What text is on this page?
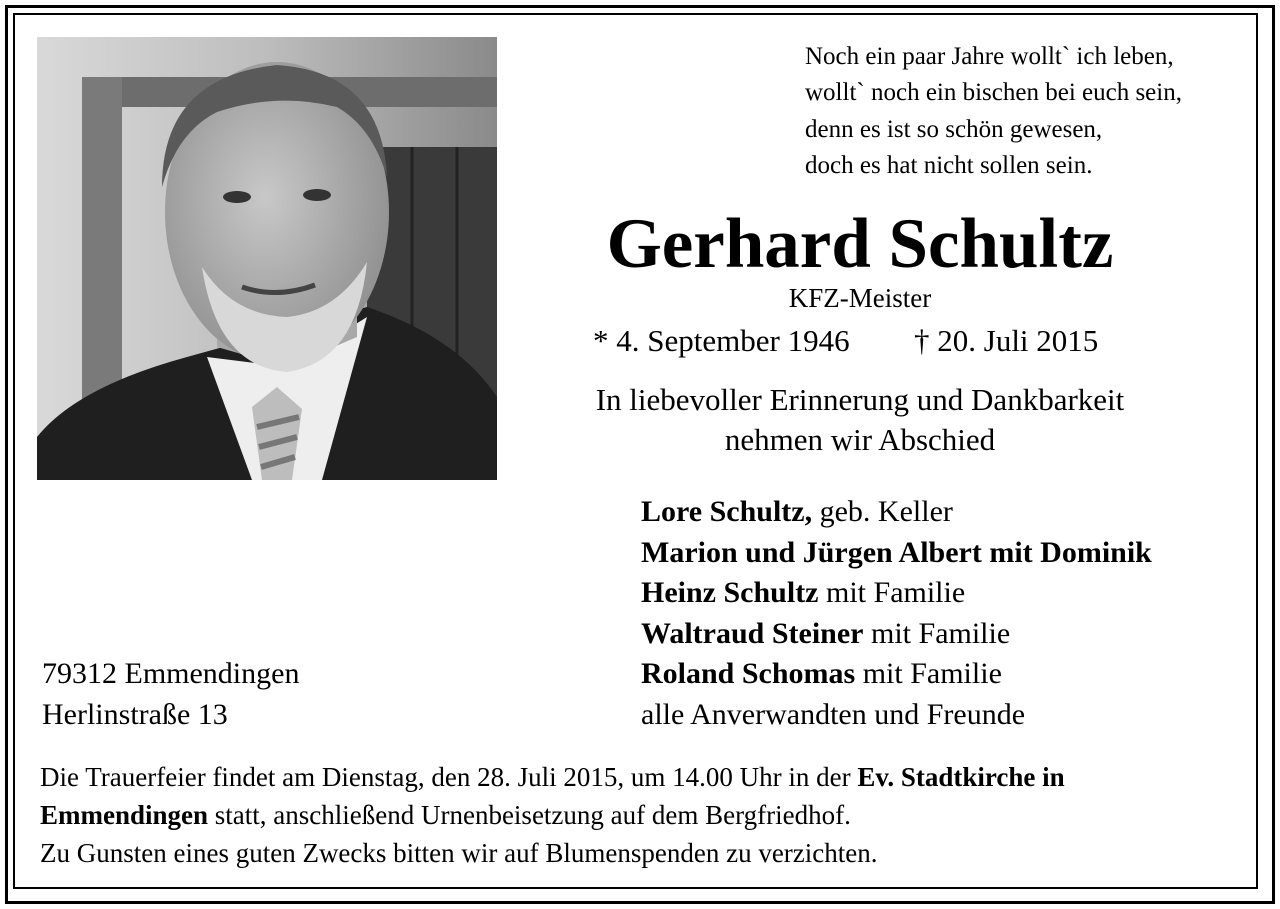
Noch ein paar Jahre wollt` ich leben,
wollt` noch ein bischen bei euch sein,
denn es ist so schön gewesen,
doch es hat nicht sollen sein.
Gerhard Schultz
KFZ-Meister
* 4. September 1946 † 20. Juli 2015
In liebevoller Erinnerung und Dankbarkeit
nehmen wir Abschied
Lore Schultz, geb. Keller
Marion und Jürgen Albert mit Dominik
Heinz Schultz mit Familie
Waltraud Steiner mit Familie
Roland Schomas mit Familie
alle Anverwandten und Freunde
79312 Emmendingen
Herlinstraße 13
Die Trauerfeier findet am Dienstag, den 28. Juli 2015, um 14.00 Uhr in der Ev. Stadtkirche in
Emmendingen statt, anschließend Urnenbeisetzung auf dem Bergfriedhof.
Zu Gunsten eines guten Zwecks bitten wir auf Blumenspenden zu verzichten.
